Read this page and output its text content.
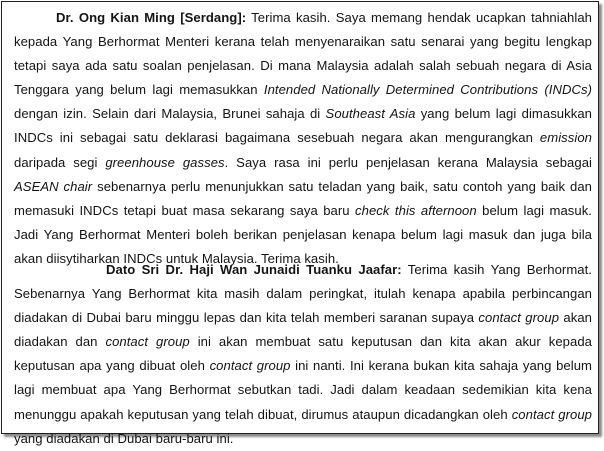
Dr. Ong Kian Ming [Serdang]: Terima kasih. Saya memang hendak ucapkan tahniahlah kepada Yang Berhormat Menteri kerana telah menyenaraikan satu senarai yang begitu lengkap tetapi saya ada satu soalan penjelasan. Di mana Malaysia adalah salah sebuah negara di Asia Tenggara yang belum lagi memasukkan Intended Nationally Determined Contributions (INDCs) dengan izin. Selain dari Malaysia, Brunei sahaja di Southeast Asia yang belum lagi dimasukkan INDCs ini sebagai satu deklarasi bagaimana sesebuah negara akan mengurangkan emission daripada segi greenhouse gasses. Saya rasa ini perlu penjelasan kerana Malaysia sebagai ASEAN chair sebenarnya perlu menunjukkan satu teladan yang baik, satu contoh yang baik dan memasuki INDCs tetapi buat masa sekarang saya baru check this afternoon belum lagi masuk. Jadi Yang Berhormat Menteri boleh berikan penjelasan kenapa belum lagi masuk dan juga bila akan diisytiharkan INDCs untuk Malaysia. Terima kasih.

Dato Sri Dr. Haji Wan Junaidi Tuanku Jaafar: Terima kasih Yang Berhormat. Sebenarnya Yang Berhormat kita masih dalam peringkat, itulah kenapa apabila perbincangan diadakan di Dubai baru minggu lepas dan kita telah memberi saranan supaya contact group akan diadakan dan contact group ini akan membuat satu keputusan dan kita akan akur kepada keputusan apa yang dibuat oleh contact group ini nanti. Ini kerana bukan kita sahaja yang belum lagi membuat apa Yang Berhormat sebutkan tadi. Jadi dalam keadaan sedemikian kita kena menunggu apakah keputusan yang telah dibuat, dirumus ataupun dicadangkan oleh contact group yang diadakan di Dubai baru-baru ini.
